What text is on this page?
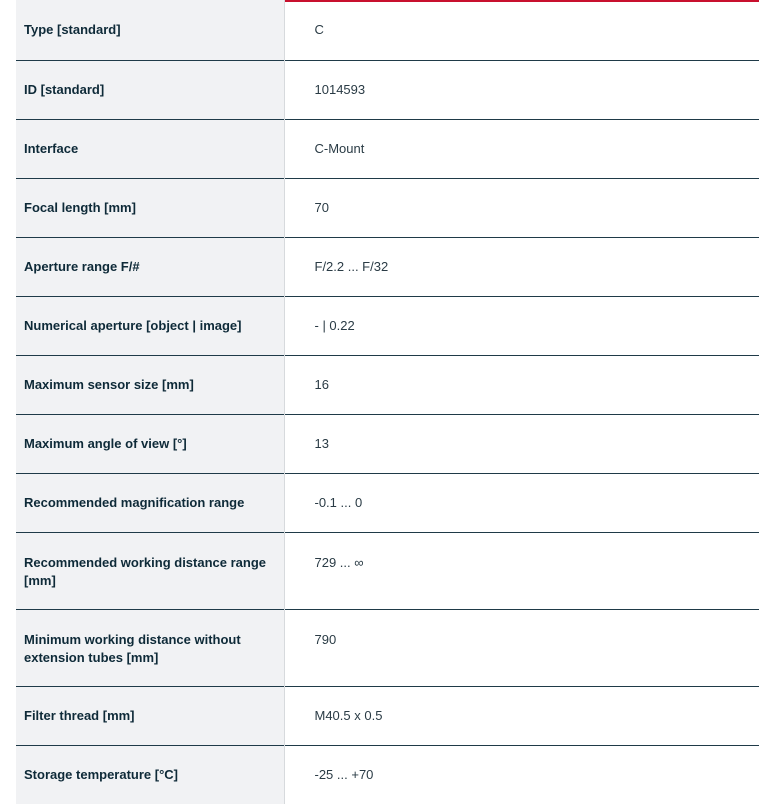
Type [standard]	C
ID [standard]	1014593
Interface	C-Mount
Focal length [mm]	70
Aperture range F/#	F/2.2 ... F/32
Numerical aperture [object | image]	- | 0.22
Maximum sensor size [mm]	16
Maximum angle of view [°]	13
Recommended magnification range	-0.1 ... 0
Recommended working distance range [mm]	729 ... ∞
Minimum working distance without extension tubes [mm]	790
Filter thread [mm]	M40.5 x 0.5
Storage temperature [°C]	-25 ... +70
